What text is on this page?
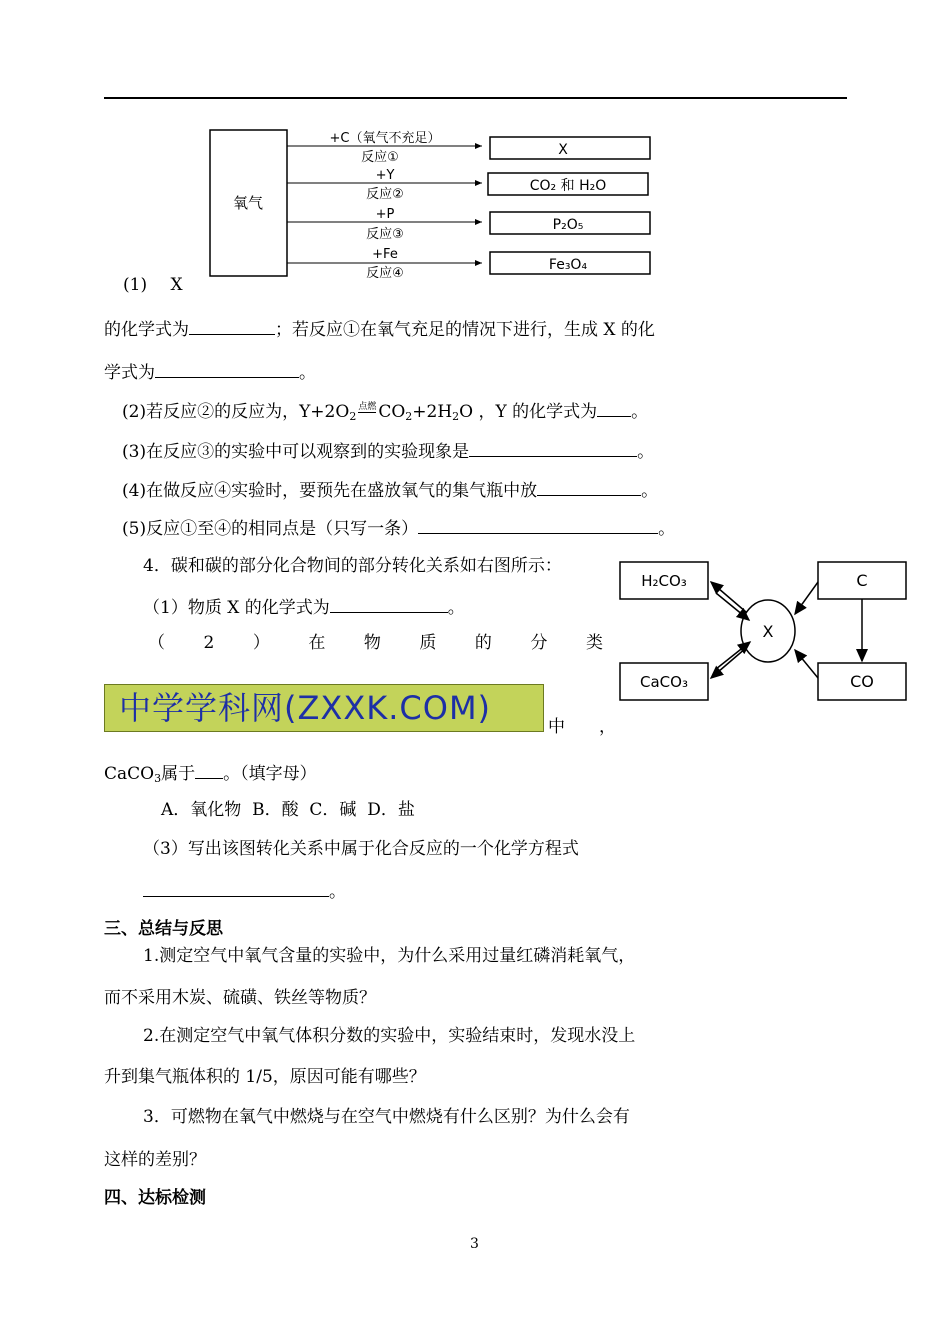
氧气
+C（氧气不充足）
反应①	X
+Y
反应②
CO₂ 和 H₂O
+P
反应③
P₂O₅
+Fe
反应④
Fe₃O₄
(1) X
的化学式为	；若反应①在氧气充足的情况下进行，生成 X 的化
学式为	。
(2)若反应②的反应为，$Y+2O_2$点燃 $CO_2+2H_2O$ ，Y 的化学式为 。
(3)在反应③的实验中可以观察到的实验现象是	。
(4)在做反应④实验时，要预先在盛放氧气的集气瓶中放	。
(5)反应①至④的相同点是（只写一条）	。
4．碳和碳的部分化合物间的部分转化关系如右图所示：
（1）物质 X 的化学式为	。
（ 2 ） 在 物 质 的 分 类
中学学科网(ZXXK.COM)	中　　，
CaCO$_3$属于 。（填字母）
A．氧化物  B．酸  C．碱  D．盐
（3）写出该图转化关系中属于化合反应的一个化学方程式
。
H₂CO₃
CaCO₃
C
CO
X
三、总结与反思
1.测定空气中氧气含量的实验中，为什么采用过量红磷消耗氧气，
而不采用木炭、硫磺、铁丝等物质？
2.在测定空气中氧气体积分数的实验中，实验结束时，发现水没上
升到集气瓶体积的 1/5，原因可能有哪些？
3．可燃物在氧气中燃烧与在空气中燃烧有什么区别？为什么会有
这样的差别？
四、达标检测
3
